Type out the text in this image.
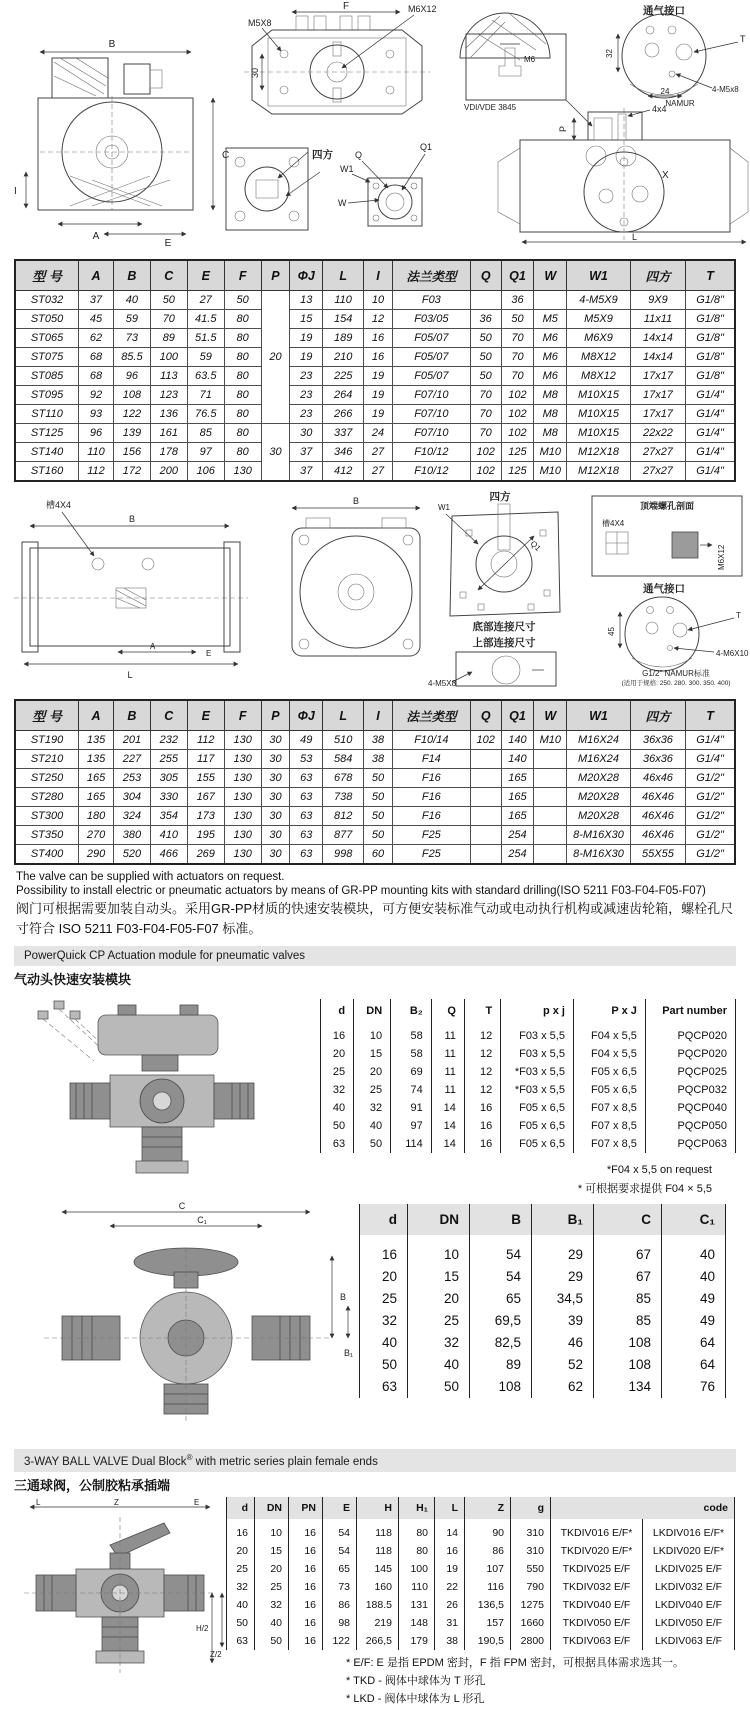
B
C
I
A
E
F
M5X8
M6X12
30
四方 Q
Q1
W1
W
M6
VDI/VDE 3845	4x4
P
X
L
通气接口
T
4-M5x8
32
24
NAMUR
型 号	A	B	C	E	F	P	ΦJ	L	I	法兰类型	Q	Q1	W	W1	四方	T
ST032	37	40	50	27	50	20	13	110	10	F03		36		4-M5X9	9X9	G1/8"
ST050	45	59	70	41.5	80		15	154	12	F03/05	36	50	M5	M5X9	11x11	G1/8"
ST065	62	73	89	51.5	80		19	189	16	F05/07	50	70	M6	M6X9	14x14	G1/8"
ST075	68	85.5	100	59	80		19	210	16	F05/07	50	70	M6	M8X12	14x14	G1/8"
ST085	68	96	113	63.5	80		23	225	19	F05/07	50	70	M6	M8X12	17x17	G1/8"
ST095	92	108	123	71	80		23	264	19	F07/10	70	102	M8	M10X15	17x17	G1/4"
ST110	93	122	136	76.5	80		23	266	19	F07/10	70	102	M8	M10X15	17x17	G1/4"
ST125	96	139	161	85	80	30	30	337	24	F07/10	70	102	M8	M10X15	22x22	G1/4"
ST140	110	156	178	97	80		37	346	27	F10/12	102	125	M10	M12X18	27x27	G1/4"
ST160	112	172	200	106	130		37	412	27	F10/12	102	125	M10	M12X18	27x27	G1/4"
槽4X4
B
L
A
E
B	四方
W1
Q1
底部连接尺寸
上部连接尺寸
4-M5X8
顶端螺孔剖面
槽4X4
M6X12
通气接口
T
4-M6X10
45
G1/2″ NAMUR标准
(适用于规格: 250. 280. 300. 350. 400)
型 号	A	B	C	E	F	P	ΦJ	L	I	法兰类型	Q	Q1	W	W1	四方	T
ST190	135	201	232	112	130	30	49	510	38	F10/14	102	140	M10	M16X24	36x36	G1/4"
ST210	135	227	255	117	130	30	53	584	38	F14		140		M16X24	36x36	G1/4"
ST250	165	253	305	155	130	30	63	678	50	F16		165		M20X28	46x46	G1/2"
ST280	165	304	330	167	130	30	63	738	50	F16		165		M20X28	46X46	G1/2"
ST300	180	324	354	173	130	30	63	812	50	F16		165		M20X28	46X46	G1/2"
ST350	270	380	410	195	130	30	63	877	50	F25		254		8-M16X30	46X46	G1/2"
ST400	290	520	466	269	130	30	63	998	60	F25		254		8-M16X30	55X55	G1/2"

The valve can be supplied with actuators on request.

Possibility to install electric or pneumatic actuators by means of GR-PP mounting kits with standard drilling(ISO 5211 F03-F04-F05-F07)

阀门可根据需要加装自动头。采用GR-PP材质的快速安装模块，可方便安装标准气动或电动执行机构或减速齿轮箱，螺栓孔尺寸符合 ISO 5211 F03-F04-F05-F07 标准。

PowerQuick CP Actuation module for pneumatic valves
气动头快速安装模块
d	DN	B₂	Q	T	p x j	P x J	Part number
16	10	58	11	12	F03 x 5,5	F04 x 5,5	PQCP020
20	15	58	11	12	F03 x 5,5	F04 x 5,5	PQCP020
25	20	69	11	12	*F03 x 5,5	F05 x 6,5	PQCP025
32	25	74	11	12	*F03 x 5,5	F05 x 6,5	PQCP032
40	32	91	14	16	F05 x 6,5	F07 x 8,5	PQCP040
50	40	97	14	16	F05 x 6,5	F07 x 8,5	PQCP050
63	50	114	14	16	F05 x 6,5	F07 x 8,5	PQCP063
*F04 x 5,5 on request
* 可根据要求提供 F04 × 5,5
C
C₁
B
B₁
d	DN	B	B₁	C	C₁
16	10	54	29	67	40
20	15	54	29	67	40
25	20	65	34,5	85	49
32	25	69,5	39	85	49
40	32	82,5	46	108	64
50	40	89	52	108	64
63	50	108	62	134	76
3-WAY BALL VALVE Dual Block® with metric series plain female ends
三通球阀，公制胶粘承插端
L	Z	E
H/2
Z/2
d	DN	PN	E	H	H₁	L	Z	g	code	
16	10	16	54	118	80	14	90	310	TKDIV016 E/F*	LKDIV016 E/F*
20	15	16	54	118	80	16	86	310	TKDIV020 E/F*	LKDIV020 E/F*
25	20	16	65	145	100	19	107	550	TKDIV025 E/F	LKDIV025 E/F
32	25	16	73	160	110	22	116	790	TKDIV032 E/F	LKDIV032 E/F
40	32	16	86	188.5	131	26	136,5	1275	TKDIV040 E/F	LKDIV040 E/F
50	40	16	98	219	148	31	157	1660	TKDIV050 E/F	LKDIV050 E/F
63	50	16	122	266,5	179	38	190,5	2800	TKDIV063 E/F	LKDIV063 E/F
* E/F: E 是指 EPDM 密封，F 指 FPM 密封，可根据具体需求选其一。
* TKD - 阀体中球体为 T 形孔
* LKD - 阀体中球体为 L 形孔
